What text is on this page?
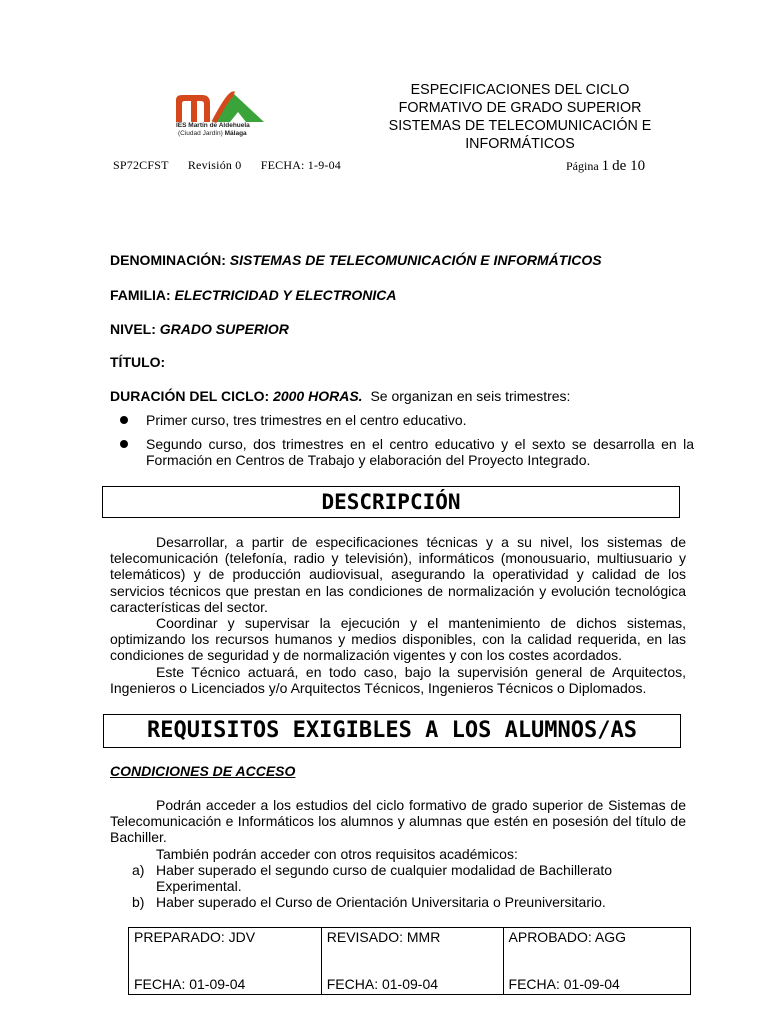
IES Martín de Aldehuela
(Ciudad Jardín) Málaga
ESPECIFICACIONES DEL CICLO
FORMATIVO DE GRADO SUPERIOR
SISTEMAS DE TELECOMUNICACIÓN E
INFORMÁTICOS
SP72CFST Revisión 0 FECHA: 1-9-04	Página 1 de 10
DENOMINACIÓN: SISTEMAS DE TELECOMUNICACIÓN E INFORMÁTICOS
FAMILIA: ELECTRICIDAD Y ELECTRONICA
NIVEL: GRADO SUPERIOR
TÍTULO:
DURACIÓN DEL CICLO: 2000 HORAS. Se organizan en seis trimestres:
Primer curso, tres trimestres en el centro educativo.
Segundo curso, dos trimestres en el centro educativo y el sexto se desarrolla en la Formación en Centros de Trabajo y elaboración del Proyecto Integrado.
DESCRIPCIÓN

Desarrollar, a partir de especificaciones técnicas y a su nivel, los sistemas de telecomunicación (telefonía, radio y televisión), informáticos (monousuario, multiusuario y telemáticos) y de producción audiovisual, asegurando la operatividad y calidad de los servicios técnicos que prestan en las condiciones de normalización y evolución tecnológica características del sector.

Coordinar y supervisar la ejecución y el mantenimiento de dichos sistemas, optimizando los recursos humanos y medios disponibles, con la calidad requerida, en las condiciones de seguridad y de normalización vigentes y con los costes acordados.

Este Técnico actuará, en todo caso, bajo la supervisión general de Arquitectos, Ingenieros o Licenciados y/o Arquitectos Técnicos, Ingenieros Técnicos o Diplomados.

REQUISITOS EXIGIBLES A LOS ALUMNOS/AS
CONDICIONES DE ACCESO

Podrán acceder a los estudios del ciclo formativo de grado superior de Sistemas de Telecomunicación e Informáticos los alumnos y alumnas que estén en posesión del título de Bachiller.

También podrán acceder con otros requisitos académicos:

a) Haber superado el segundo curso de cualquier modalidad de Bachillerato Experimental.
b) Haber superado el Curso de Orientación Universitaria o Preuniversitario.
PREPARADO: JDV
FECHA: 01-09-04

REVISADO: MMR
FECHA: 01-09-04

APROBADO: AGG
FECHA: 01-09-04
